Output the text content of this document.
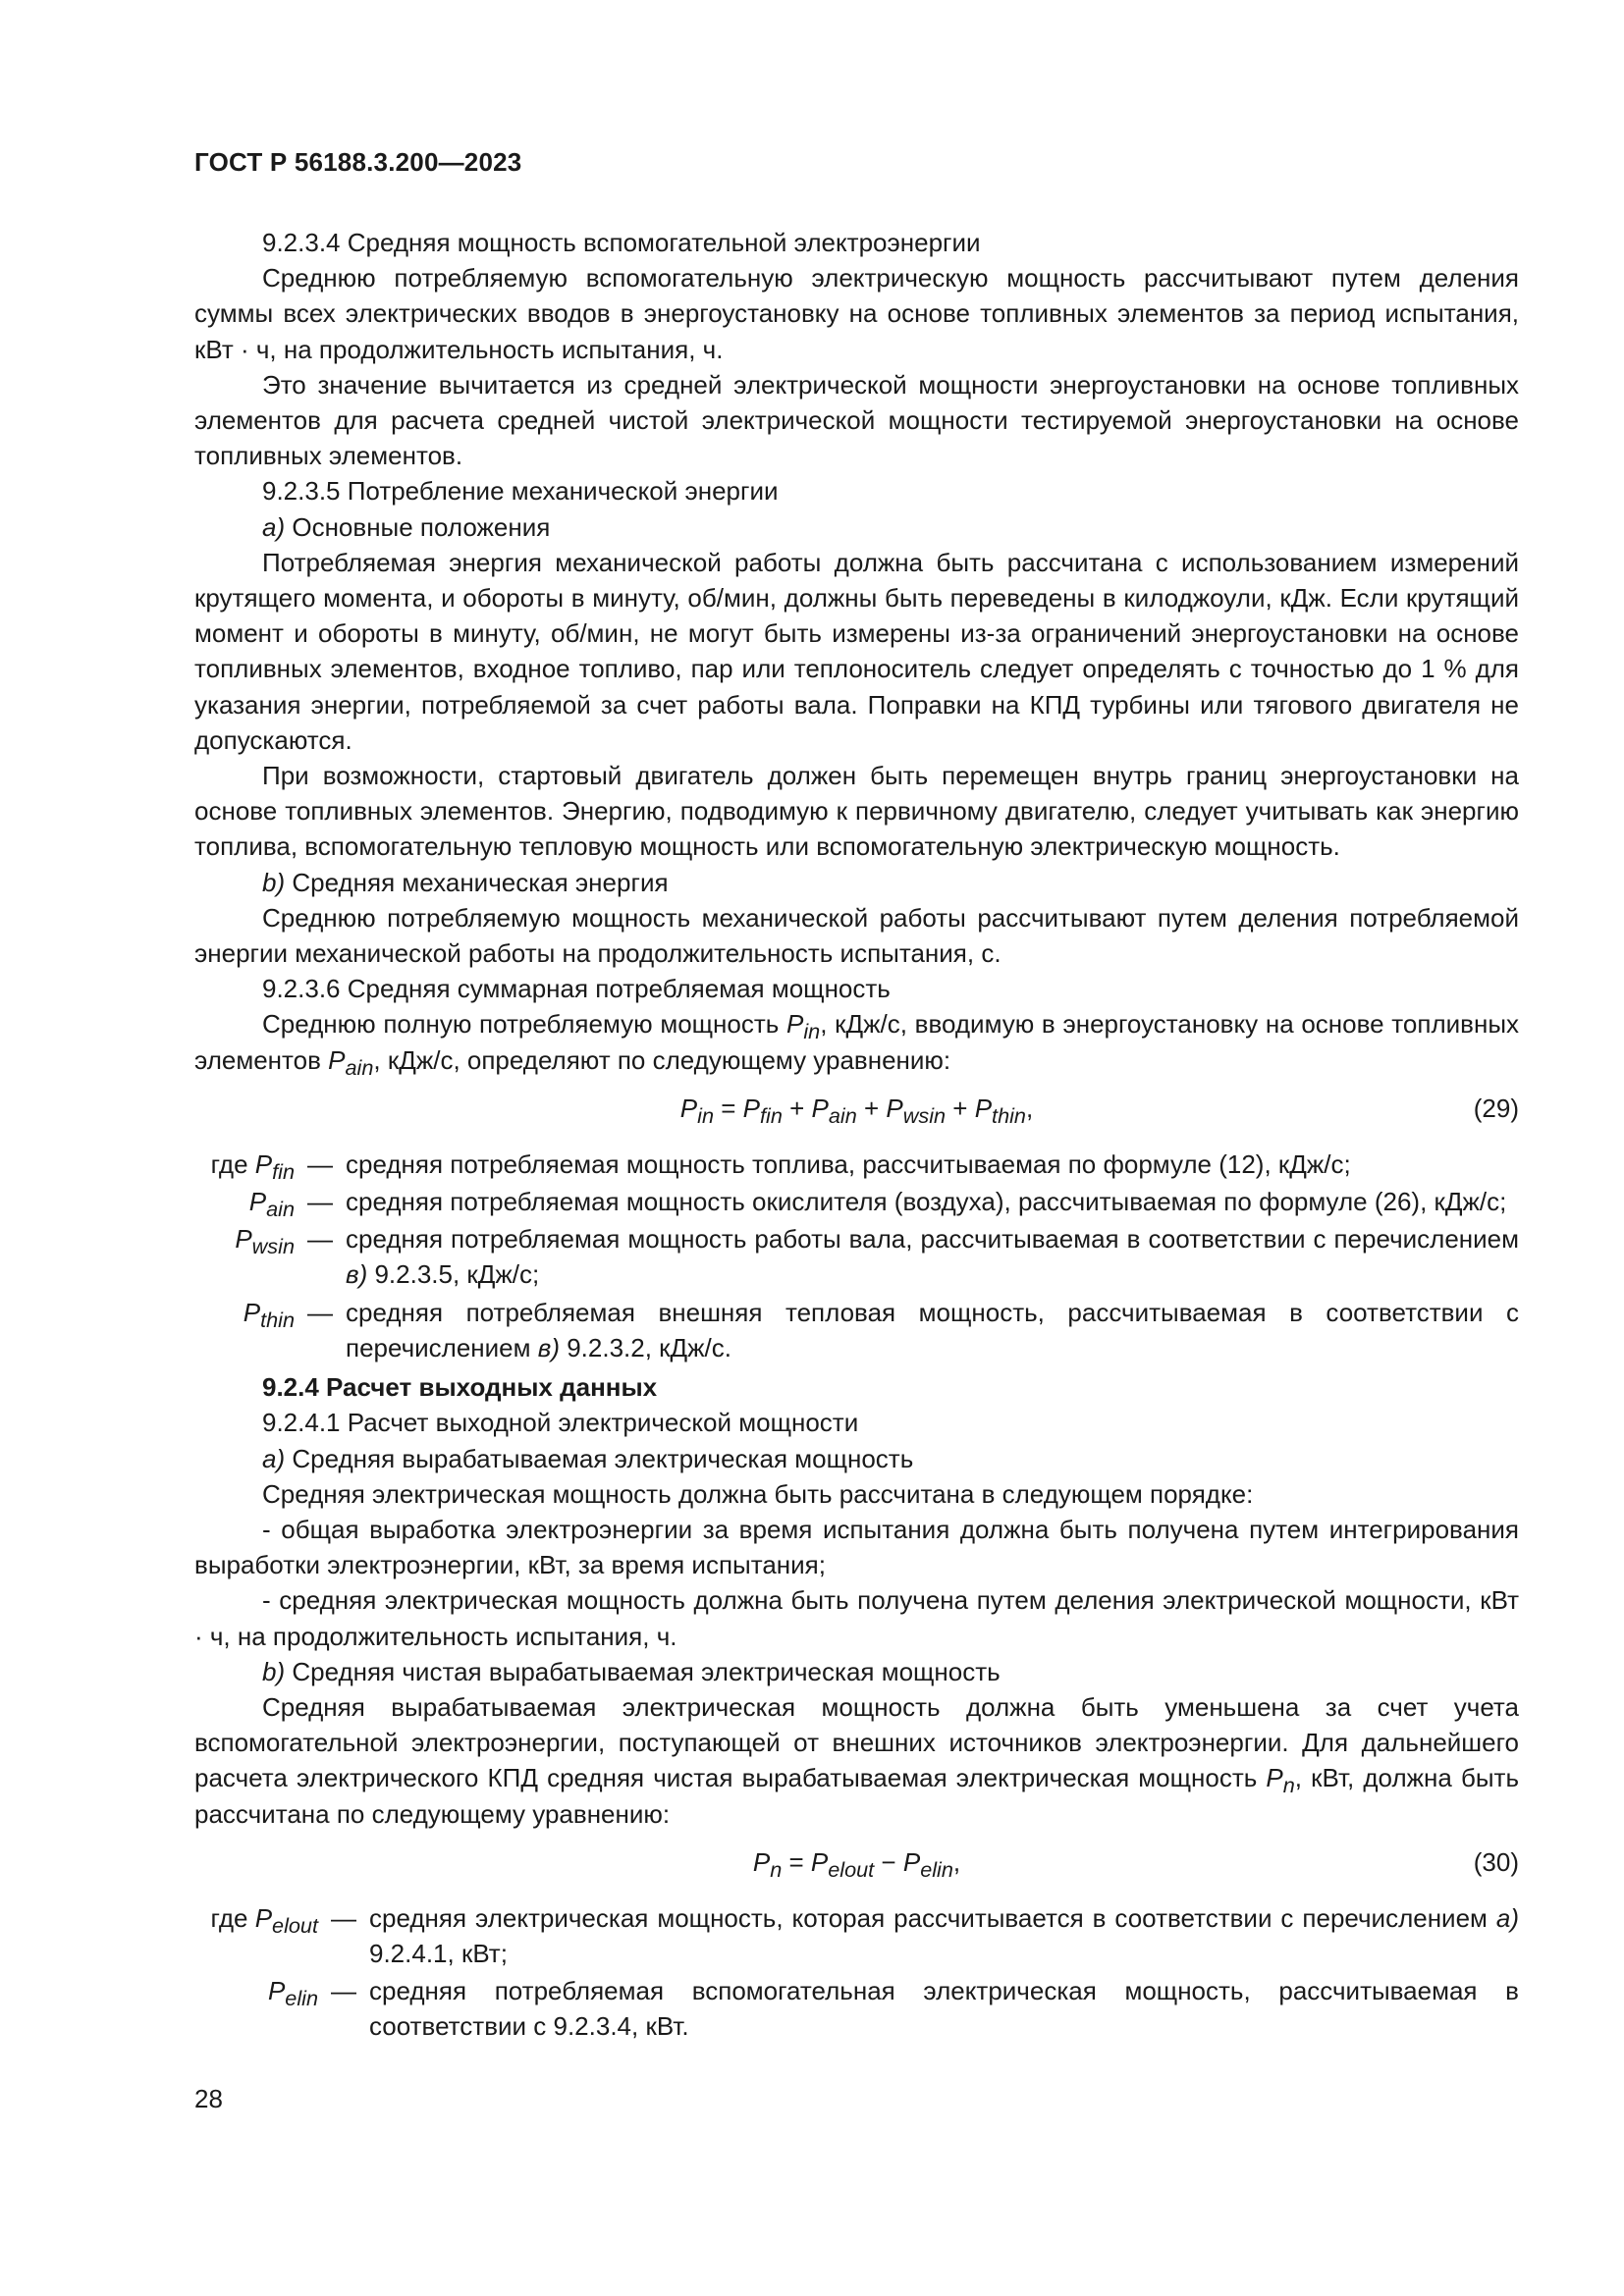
ГОСТ Р 56188.3.200—2023

9.2.3.4 Средняя мощность вспомогательной электроэнергии

Среднюю потребляемую вспомогательную электрическую мощность рассчитывают путем деления суммы всех электрических вводов в энергоустановку на основе топливных элементов за период испытания, кВт · ч, на продолжительность испытания, ч.

Это значение вычитается из средней электрической мощности энергоустановки на основе топливных элементов для расчета средней чистой электрической мощности тестируемой энергоустановки на основе топливных элементов.

9.2.3.5 Потребление механической энергии

а) Основные положения

Потребляемая энергия механической работы должна быть рассчитана с использованием измерений крутящего момента, и обороты в минуту, об/мин, должны быть переведены в килоджоули, кДж. Если крутящий момент и обороты в минуту, об/мин, не могут быть измерены из-за ограничений энергоустановки на основе топливных элементов, входное топливо, пар или теплоноситель следует определять с точностью до 1 % для указания энергии, потребляемой за счет работы вала. Поправки на КПД турбины или тягового двигателя не допускаются.

При возможности, стартовый двигатель должен быть перемещен внутрь границ энергоустановки на основе топливных элементов. Энергию, подводимую к первичному двигателю, следует учитывать как энергию топлива, вспомогательную тепловую мощность или вспомогательную электрическую мощность.

b) Средняя механическая энергия

Среднюю потребляемую мощность механической работы рассчитывают путем деления потребляемой энергии механической работы на продолжительность испытания, с.

9.2.3.6 Средняя суммарная потребляемая мощность

Среднюю полную потребляемую мощность $P_{in}$, кДж/с, вводимую в энергоустановку на основе топливных элементов $P_{ain}$, кДж/с, определяют по следующему уравнению:

$P_{in} = P_{fin} + P_{ain} + P_{wsin} + P_{thin}$,	(29)
где $P_{fin}$ — средняя потребляемая мощность топлива, рассчитываемая по формуле (12), кДж/с;
$P_{ain}$ — средняя потребляемая мощность окислителя (воздуха), рассчитываемая по формуле (26), кДж/с;
$P_{wsin}$ — средняя потребляемая мощность работы вала, рассчитываемая в соответствии с перечислением в) 9.2.3.5, кДж/с;
$P_{thin}$ — средняя потребляемая внешняя тепловая мощность, рассчитываемая в соответствии с перечислением в) 9.2.3.2, кДж/с.

9.2.4 Расчет выходных данных

9.2.4.1 Расчет выходной электрической мощности

а) Средняя вырабатываемая электрическая мощность

Средняя электрическая мощность должна быть рассчитана в следующем порядке:

- общая выработка электроэнергии за время испытания должна быть получена путем интегрирования выработки электроэнергии, кВт, за время испытания;

- средняя электрическая мощность должна быть получена путем деления электрической мощности, кВт · ч, на продолжительность испытания, ч.

b) Средняя чистая вырабатываемая электрическая мощность

Средняя вырабатываемая электрическая мощность должна быть уменьшена за счет учета вспомогательной электроэнергии, поступающей от внешних источников электроэнергии. Для дальнейшего расчета электрического КПД средняя чистая вырабатываемая электрическая мощность $P_n$, кВт, должна быть рассчитана по следующему уравнению:

$P_n = P_{elout} - P_{elin}$,	(30)
где $P_{elout}$ — средняя электрическая мощность, которая рассчитывается в соответствии с перечислением а) 9.2.4.1, кВт;
$P_{elin}$ — средняя потребляемая вспомогательная электрическая мощность, рассчитываемая в соответствии с 9.2.3.4, кВт.
28
